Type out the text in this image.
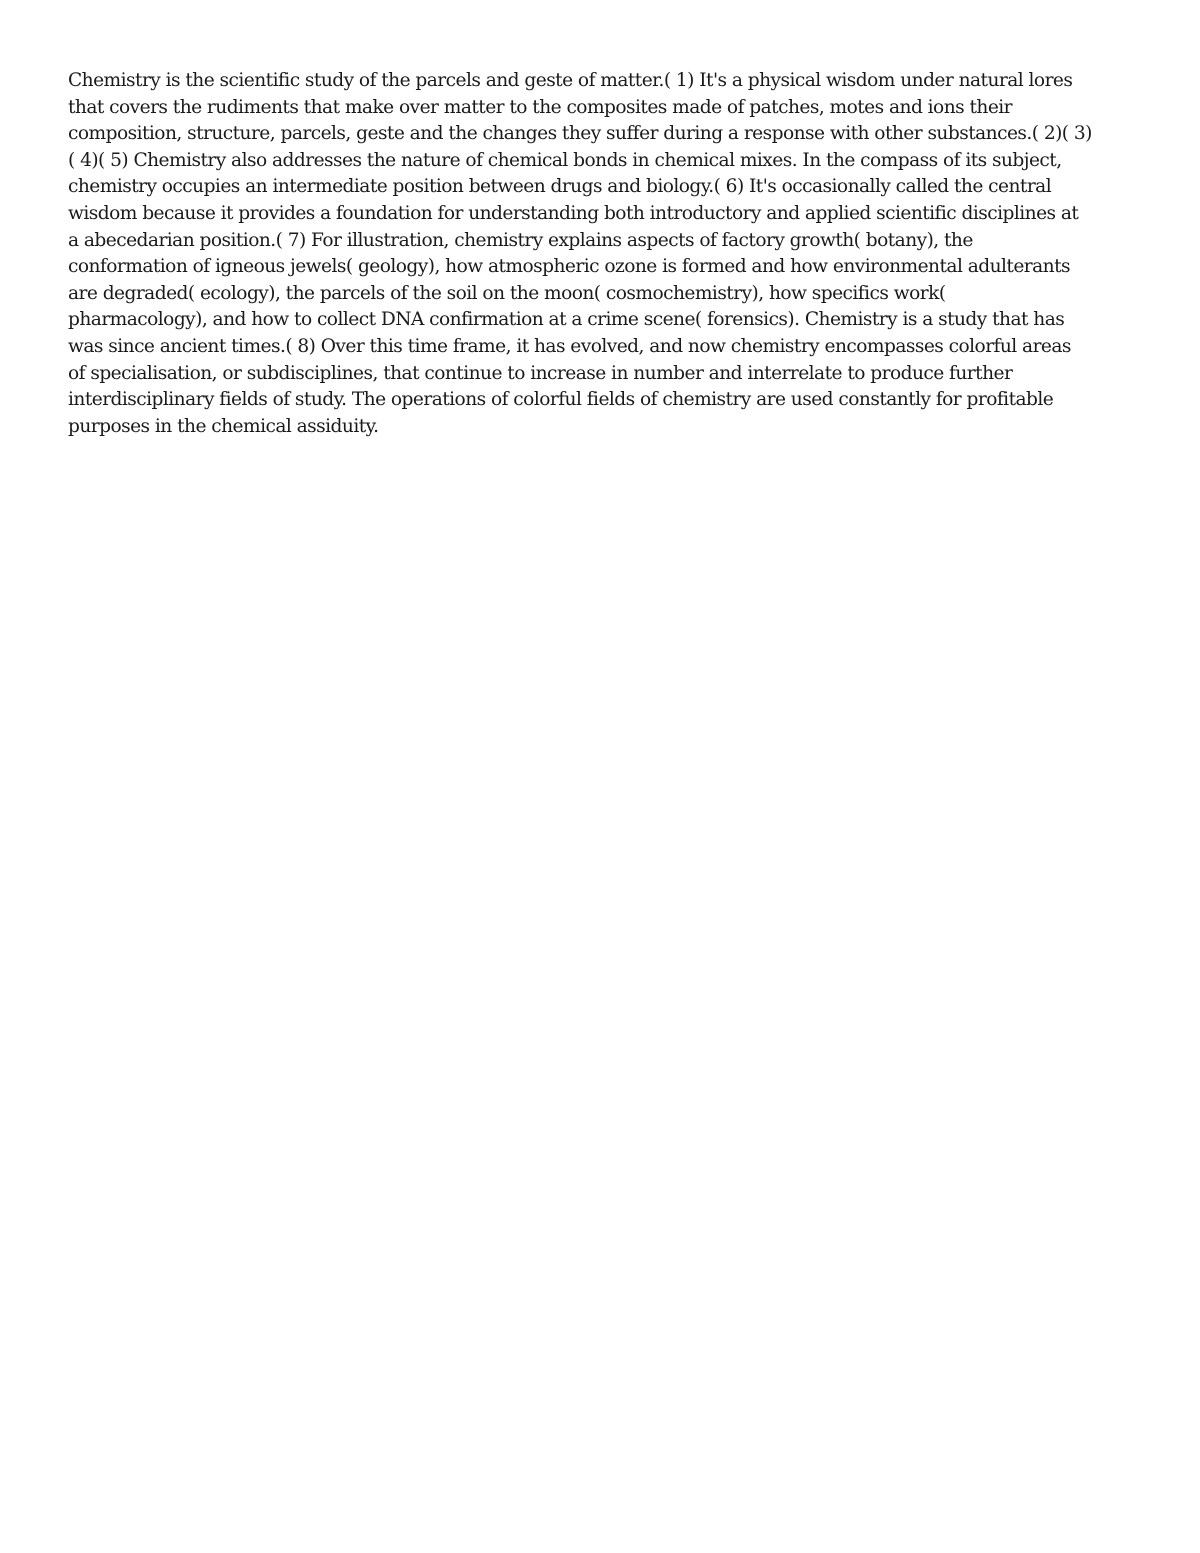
Chemistry is the scientific study of the parcels and geste of matter.( 1) It's a physical wisdom under natural lores
that covers the rudiments that make over matter to the composites made of patches, motes and ions their
composition, structure, parcels, geste and the changes they suffer during a response with other substances.( 2)( 3)
( 4)( 5) Chemistry also addresses the nature of chemical bonds in chemical mixes. In the compass of its subject,
chemistry occupies an intermediate position between drugs and biology.( 6) It's occasionally called the central
wisdom because it provides a foundation for understanding both introductory and applied scientific disciplines at
a abecedarian position.( 7) For illustration, chemistry explains aspects of factory growth( botany), the
conformation of igneous jewels( geology), how atmospheric ozone is formed and how environmental adulterants
are degraded( ecology), the parcels of the soil on the moon( cosmochemistry), how specifics work(
pharmacology), and how to collect DNA confirmation at a crime scene( forensics). Chemistry is a study that has
was since ancient times.( 8) Over this time frame, it has evolved, and now chemistry encompasses colorful areas
of specialisation, or subdisciplines, that continue to increase in number and interrelate to produce further
interdisciplinary fields of study. The operations of colorful fields of chemistry are used constantly for profitable
purposes in the chemical assiduity.
